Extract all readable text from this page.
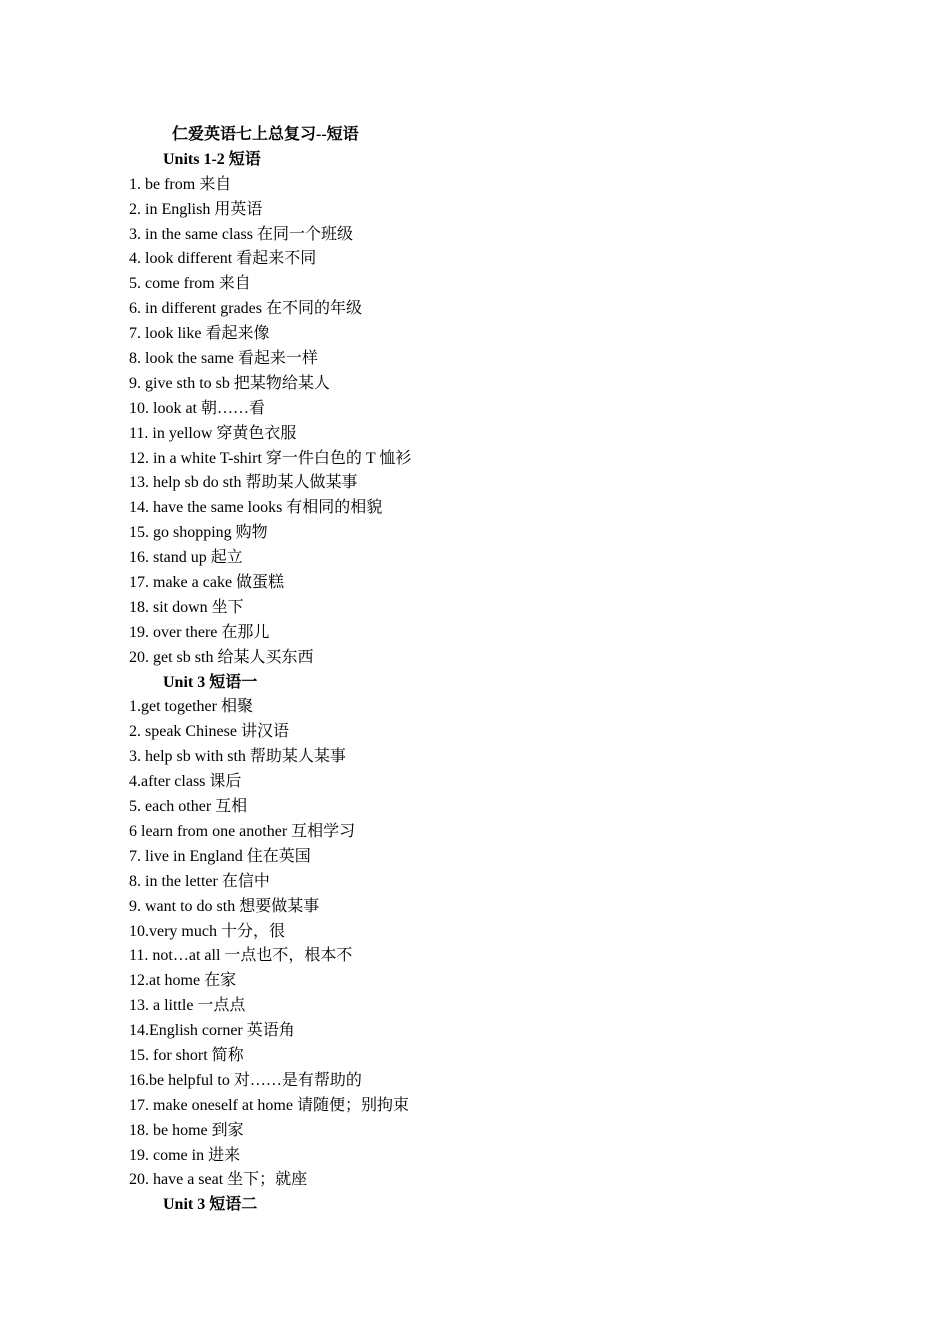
仁爱英语七上总复习--短语
Units 1-2 短语
1. be from 来自
2. in English 用英语
3. in the same class 在同一个班级
4. look different 看起来不同
5. come from 来自
6. in different grades 在不同的年级
7. look like 看起来像
8. look the same 看起来一样
9. give sth to sb 把某物给某人
10. look at 朝……看
11. in yellow 穿黄色衣服
12. in a white T-shirt 穿一件白色的 T 恤衫
13. help sb do sth 帮助某人做某事
14. have the same looks 有相同的相貌
15. go shopping 购物
16. stand up 起立
17. make a cake 做蛋糕
18. sit down 坐下
19. over there 在那儿
20. get sb sth 给某人买东西
Unit 3 短语一
1.get together 相聚
2. speak Chinese 讲汉语
3. help sb with sth 帮助某人某事
4.after class 课后
5. each other 互相
6 learn from one another 互相学习
7. live in England 住在英国
8. in the letter 在信中
9. want to do sth 想要做某事
10.very much 十分，很
11. not…at all 一点也不，根本不
12.at home 在家
13. a little 一点点
14.English corner 英语角
15. for short 简称
16.be helpful to 对……是有帮助的
17. make oneself at home 请随便；别拘束
18. be home 到家
19. come in 进来
20. have a seat 坐下；就座
Unit 3 短语二
